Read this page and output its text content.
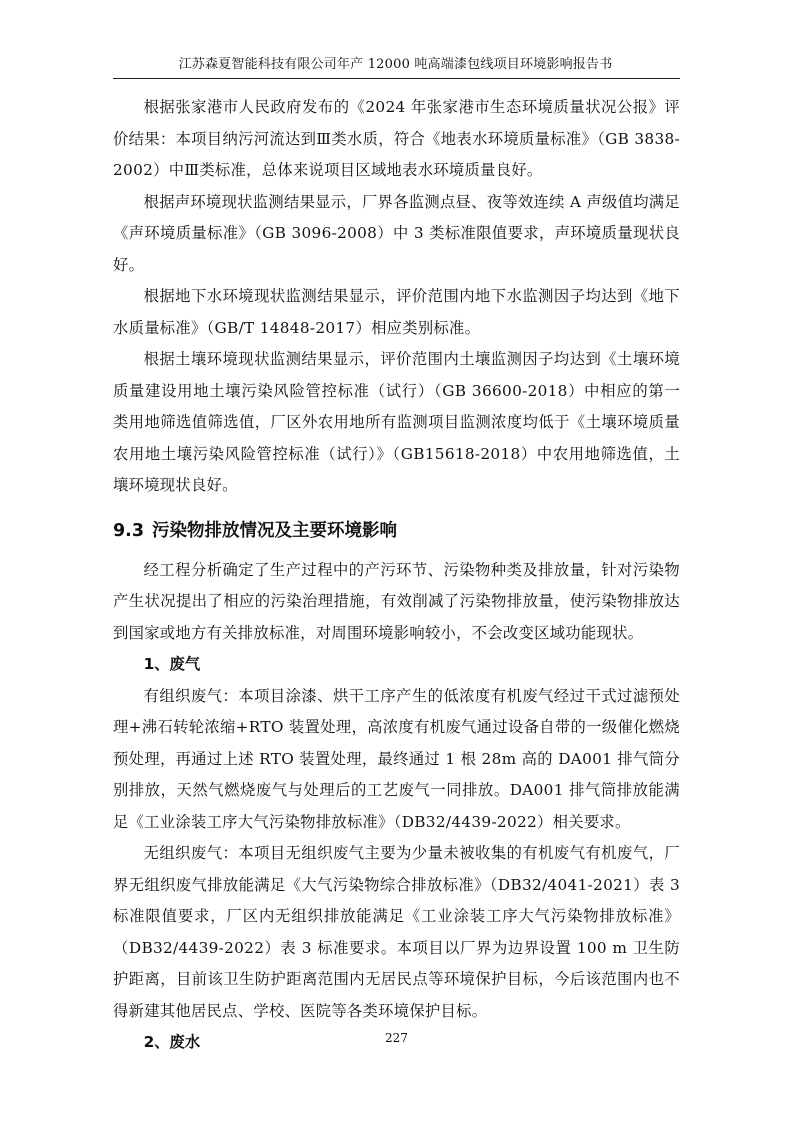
江苏森夏智能科技有限公司年产 12000 吨高端漆包线项目环境影响报告书

根据张家港市人民政府发布的《2024 年张家港市生态环境质量状况公报》评价结果：本项目纳污河流达到Ⅲ类水质，符合《地表水环境质量标准》（GB 3838-2002）中Ⅲ类标准，总体来说项目区域地表水环境质量良好。

根据声环境现状监测结果显示，厂界各监测点昼、夜等效连续 A 声级值均满足《声环境质量标准》（GB 3096-2008）中 3 类标准限值要求，声环境质量现状良好。

根据地下水环境现状监测结果显示，评价范围内地下水监测因子均达到《地下水质量标准》（GB/T 14848-2017）相应类别标准。

根据土壤环境现状监测结果显示，评价范围内土壤监测因子均达到《土壤环境质量建设用地土壤污染风险管控标准（试行）（GB 36600-2018）中相应的第一类用地筛选值筛选值，厂区外农用地所有监测项目监测浓度均低于《土壤环境质量 农用地土壤污染风险管控标准（试行）》（GB15618-2018）中农用地筛选值，土壤环境现状良好。

9.3 污染物排放情况及主要环境影响

经工程分析确定了生产过程中的产污环节、污染物种类及排放量，针对污染物产生状况提出了相应的污染治理措施，有效削减了污染物排放量，使污染物排放达到国家或地方有关排放标准，对周围环境影响较小，不会改变区域功能现状。

1、废气

有组织废气：本项目涂漆、烘干工序产生的低浓度有机废气经过干式过滤预处理+沸石转轮浓缩+RTO 装置处理，高浓度有机废气通过设备自带的一级催化燃烧预处理，再通过上述 RTO 装置处理，最终通过 1 根 28m 高的 DA001 排气筒分别排放，天然气燃烧废气与处理后的工艺废气一同排放。DA001 排气筒排放能满足《工业涂装工序大气污染物排放标准》（DB32/4439-2022）相关要求。

无组织废气：本项目无组织废气主要为少量未被收集的有机废气有机废气，厂界无组织废气排放能满足《大气污染物综合排放标准》（DB32/4041-2021）表 3 标准限值要求，厂区内无组织排放能满足《工业涂装工序大气污染物排放标准》（DB32/4439-2022）表 3 标准要求。本项目以厂界为边界设置 100 m 卫生防护距离，目前该卫生防护距离范围内无居民点等环境保护目标，今后该范围内也不得新建其他居民点、学校、医院等各类环境保护目标。

2、废水	227
